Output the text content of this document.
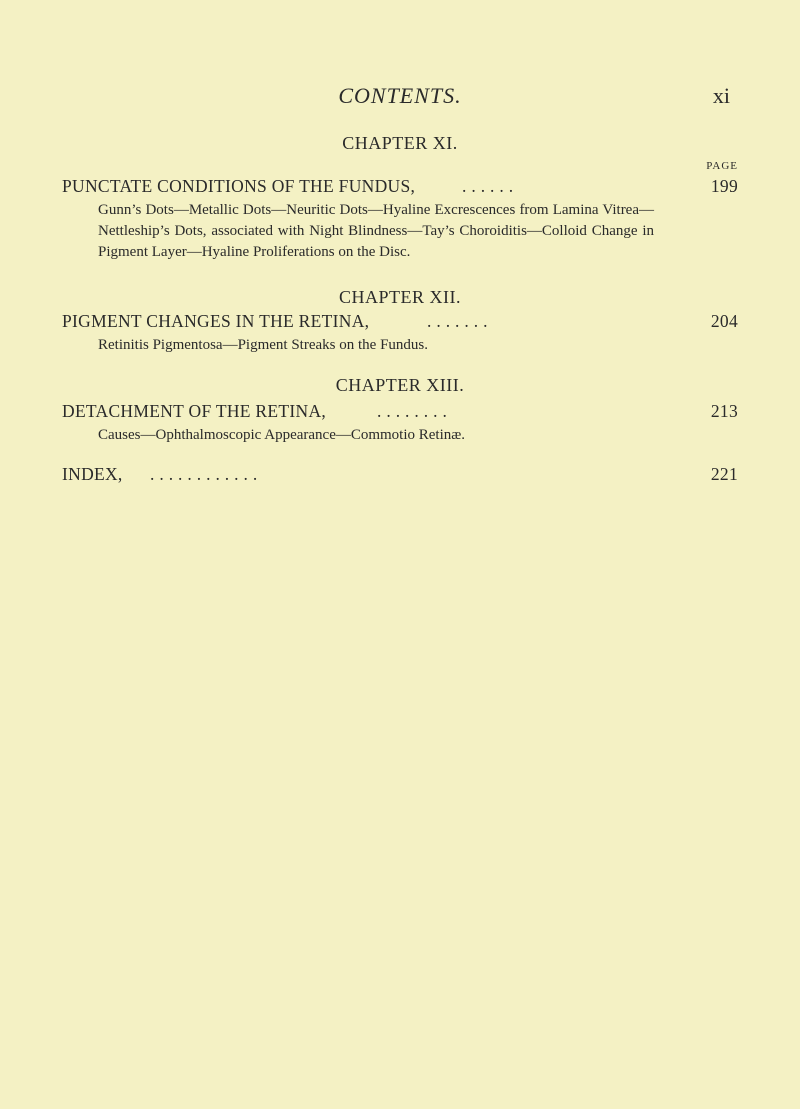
CONTENTS.	xi
CHAPTER XI.
PAGE
PUNCTATE CONDITIONS OF THE FUNDUS,	. . . . . .	199
Gunn’s Dots—Metallic Dots—Neuritic Dots—Hyaline Excrescences from Lamina Vitrea—Nettleship’s Dots, associated with Night Blindness—Tay’s Choroiditis—Colloid Change in Pigment Layer—Hyaline Proliferations on the Disc.
CHAPTER XII.
PIGMENT CHANGES IN THE RETINA,	. . . . . . .	204
Retinitis Pigmentosa—Pigment Streaks on the Fundus.
CHAPTER XIII.
DETACHMENT OF THE RETINA,	. . . . . . . .	213
Causes—Ophthalmoscopic Appearance—Commotio Retinæ.
INDEX, . . . . . . . . . . . .	221
